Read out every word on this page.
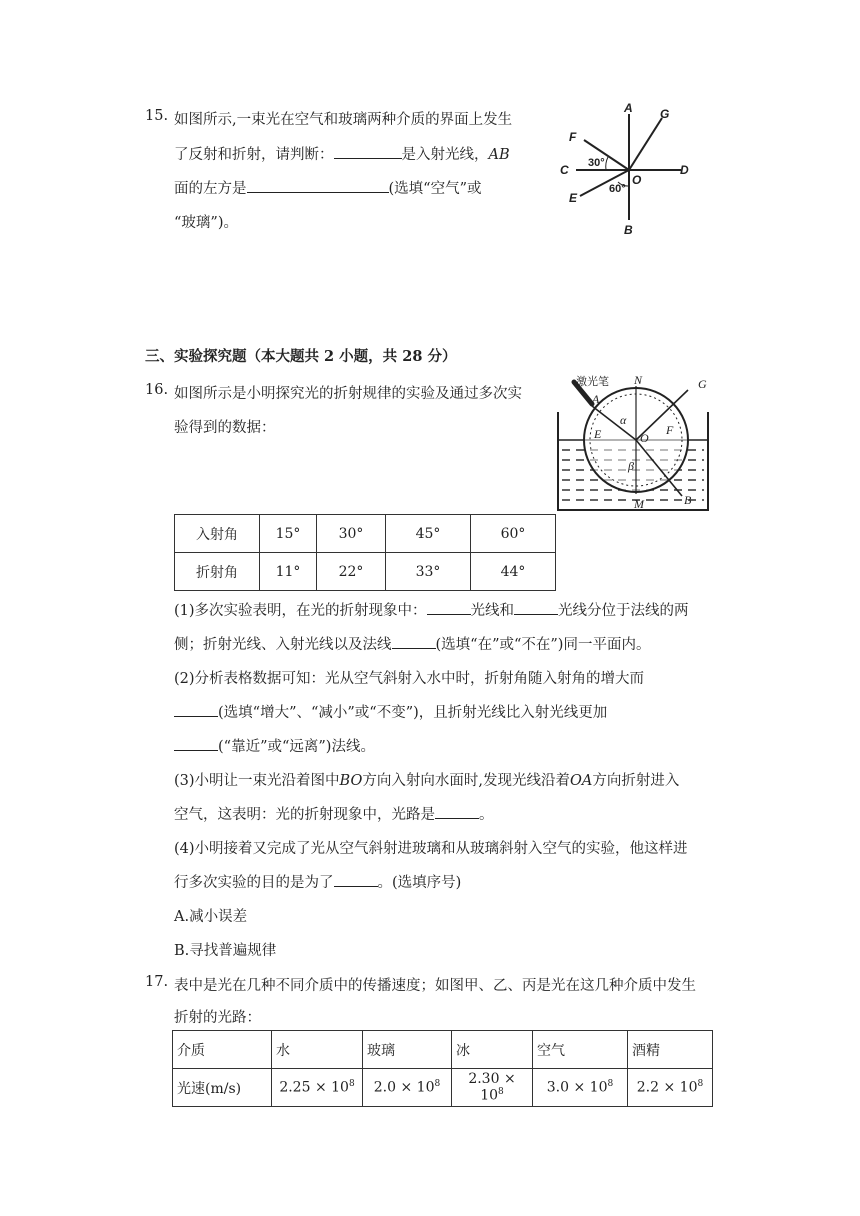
15. 如图所示,一束光在空气和玻璃两种介质的界面上发生
了反射和折射，请判断：	是入射光线，AB
面的左方是	(选填“空气”或
“玻璃”)。
A G
F
C	D
E
O
B
30°
60°
三、实验探究题（本大题共 2 小题，共 28 分）
16. 如图所示是小明探究光的折射规律的实验及通过多次实
验得到的数据：
激光笔
A
N	G
α
E	O
F
β
B
M
入射角	15°	30°	45°	60°
折射角	11°	22°	33°	44°
(1)多次实验表明，在光的折射现象中：	光线和	光线分位于法线的两
侧；折射光线、入射光线以及法线	(选填“在”或“不在”)同一平面内。
(2)分析表格数据可知：光从空气斜射入水中时，折射角随入射角的增大而
(选填“增大”、“减小”或“不变”)，且折射光线比入射光线更加
(“靠近”或“远离”)法线。
(3)小明让一束光沿着图中BO方向入射向水面时,发现光线沿着OA方向折射进入
空气，这表明：光的折射现象中，光路是	。
(4)小明接着又完成了光从空气斜射进玻璃和从玻璃斜射入空气的实验，他这样进
行多次实验的目的是为了	。(选填序号)
A.减小误差
B.寻找普遍规律
17. 表中是光在几种不同介质中的传播速度；如图甲、乙、丙是光在这几种介质中发生
折射的光路：
介质	水	玻璃	冰	空气	酒精
光速(m/s)	$2.25 \times 10^8$	$2.0 \times 10^8$	$2.30 \times 10^8$	$3.0 \times 10^8$	$2.2 \times 10^8$
